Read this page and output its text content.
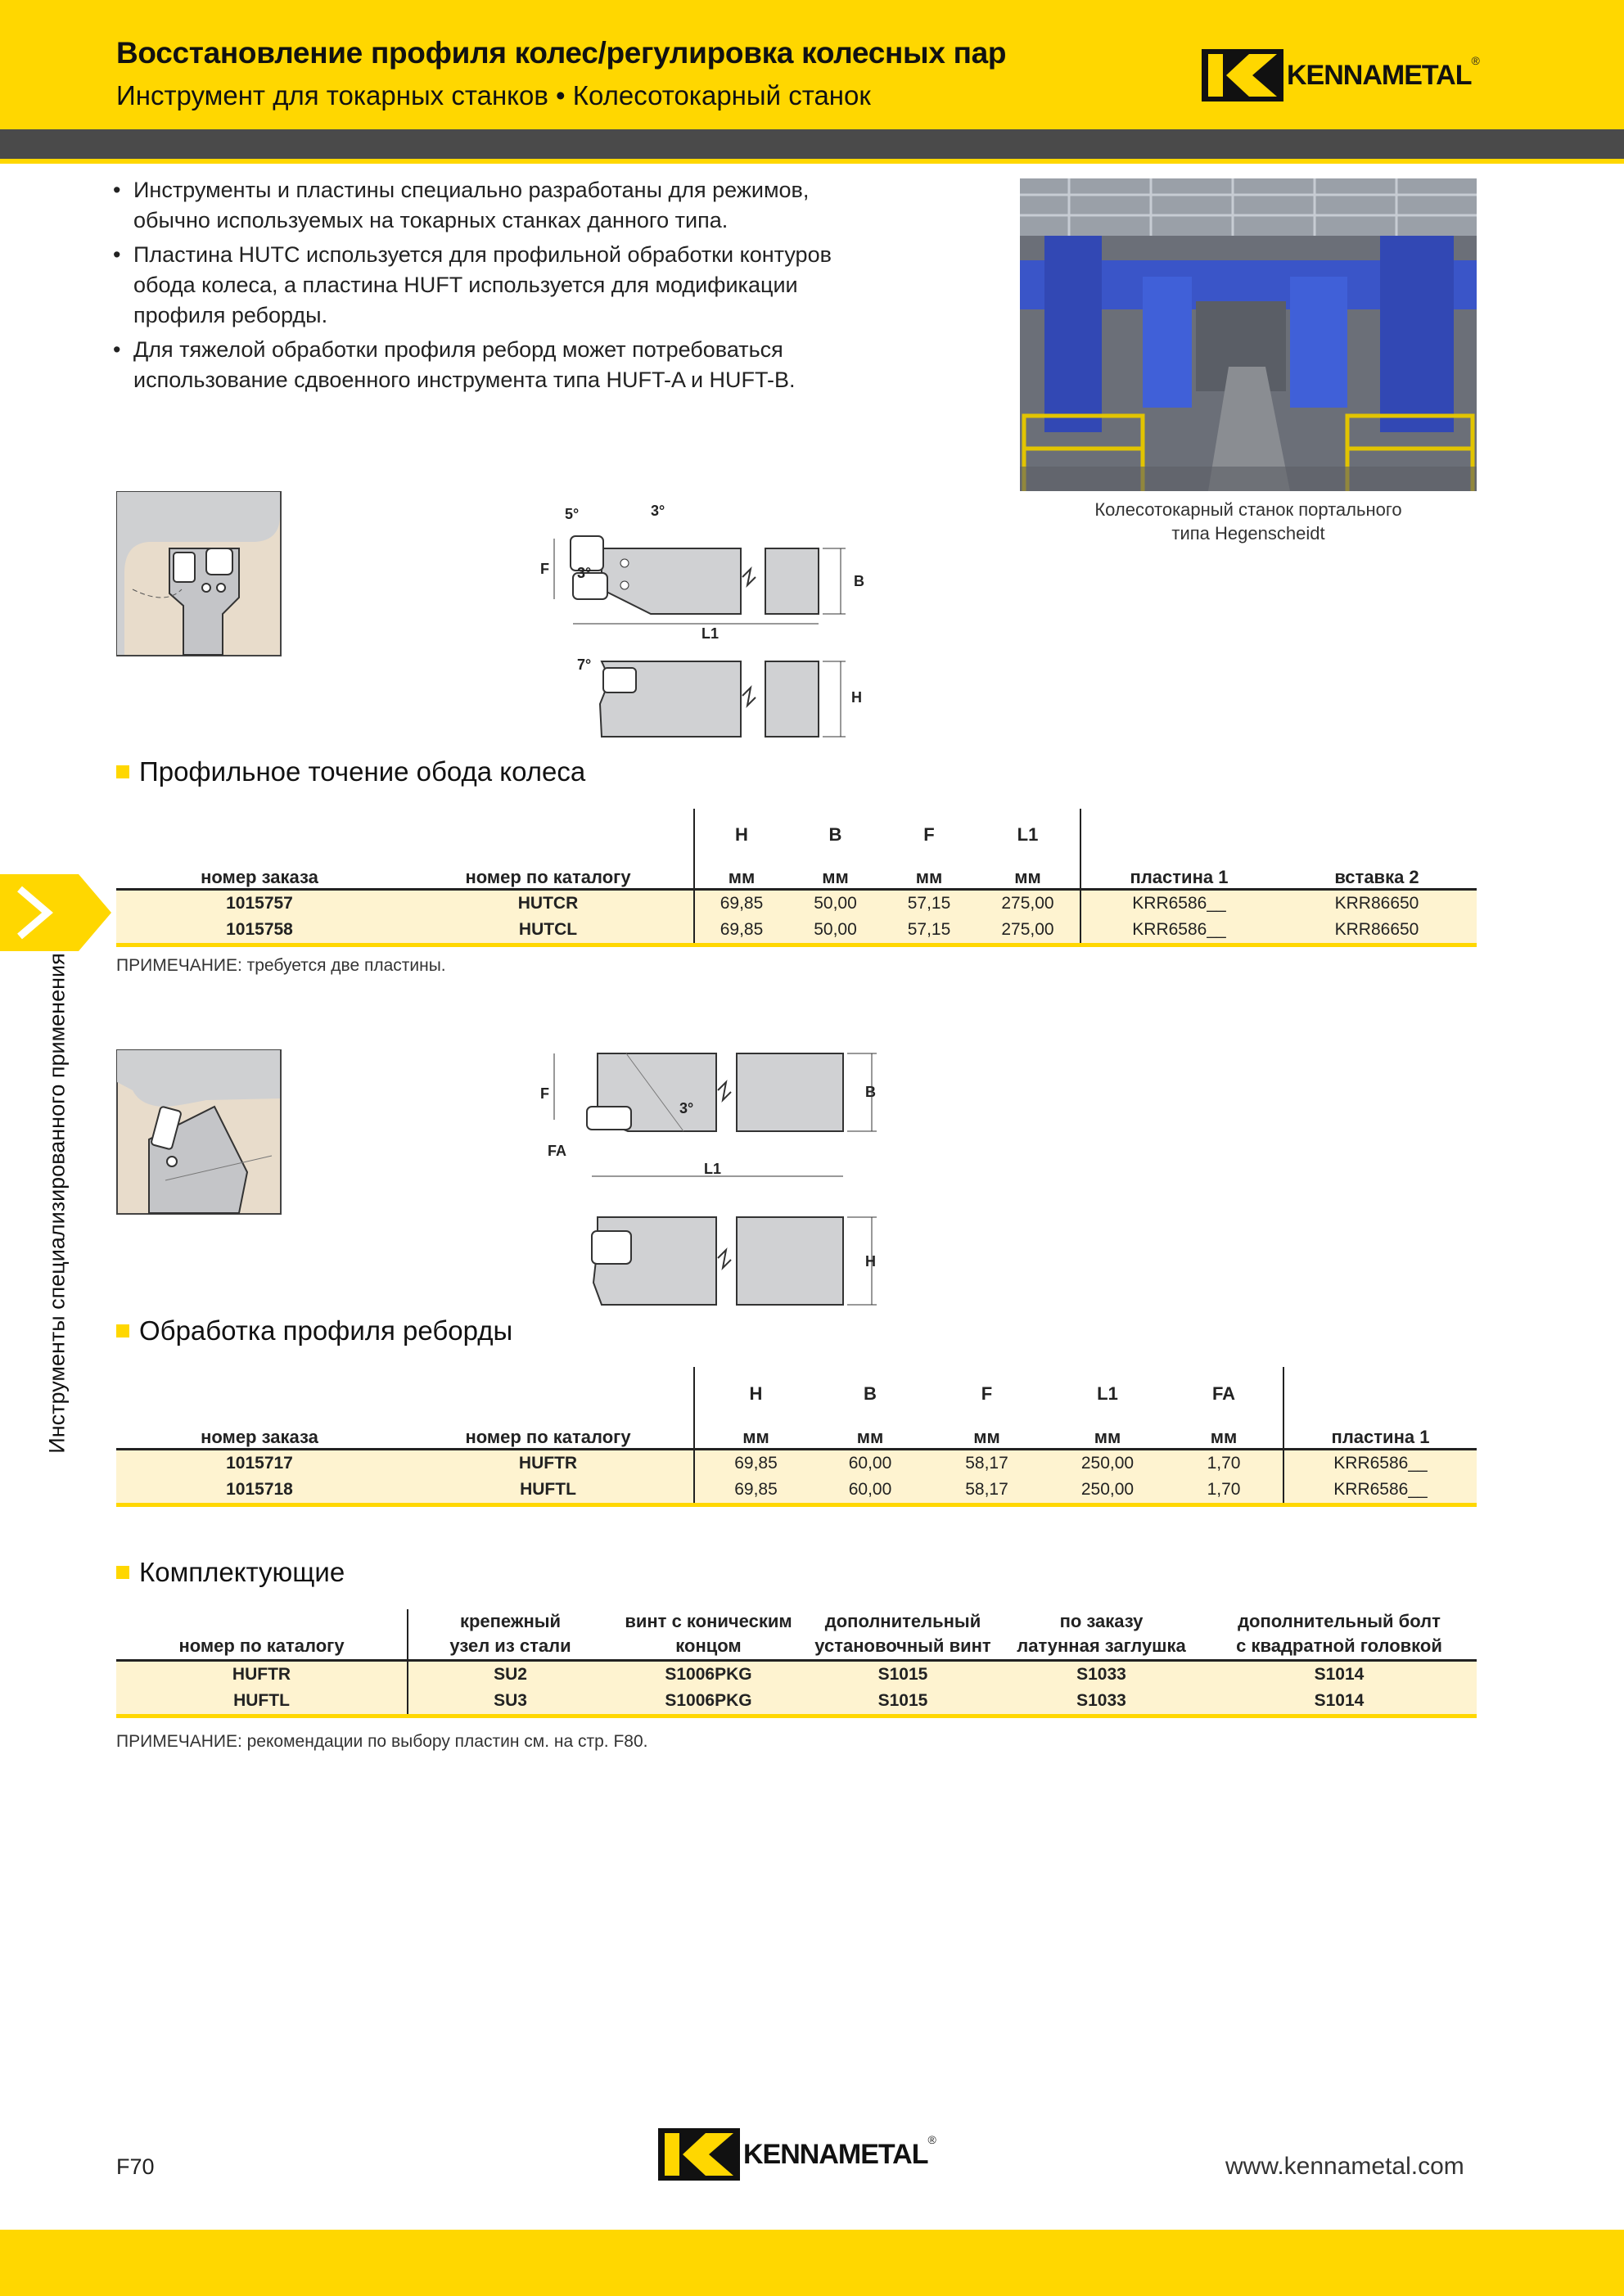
Восстановление профиля колес/регулировка колесных пар
Инструмент для токарных станков • Колесотокарный станок
KENNAMETAL ®
• Инструменты и пластины специально разработаны для режимов, обычно используемых на токарных станках данного типа.
• Пластина HUTC используется для профильной обработки контуров обода колеса, а пластина HUFT используется для модификации профиля реборды.
• Для тяжелой обработки профиля реборд может потребоваться использование сдвоенного инструмента типа HUFT-A и HUFT-B.
Колесотокарный станок портального
типа Hegenscheidt
Инструменты специализированного применения
5°	3°
3°
F
B
L1
7°
H
Профильное точение обода колеса
		H	B	F	L1		
номер заказа	номер по каталогу	мм	мм	мм	мм	пластина 1	вставка 2
1015757	HUTCR	69,85	50,00	57,15	275,00	KRR6586__	KRR86650
1015758	HUTCL	69,85	50,00	57,15	275,00	KRR6586__	KRR86650
ПРИМЕЧАНИЕ: требуется две пластины.
3°
F
FA
B
L1
H
Обработка профиля реборды
		H	B	F	L1	FA	
номер заказа	номер по каталогу	мм	мм	мм	мм	мм	пластина 1
1015717	HUFTR	69,85	60,00	58,17	250,00	1,70	KRR6586__
1015718	HUFTL	69,85	60,00	58,17	250,00	1,70	KRR6586__
Комплектующие
	крепежный	винт с коническим	дополнительный	по заказу	дополнительный болт
номер по каталогу	узел из стали	концом	установочный винт	латунная заглушка	с квадратной головкой
HUFTR	SU2	S1006PKG	S1015	S1033	S1014
HUFTL	SU3	S1006PKG	S1015	S1033	S1014
ПРИМЕЧАНИЕ: рекомендации по выбору пластин см. на стр. F80.
F70	KENNAMETAL ®
www.kennametal.com
